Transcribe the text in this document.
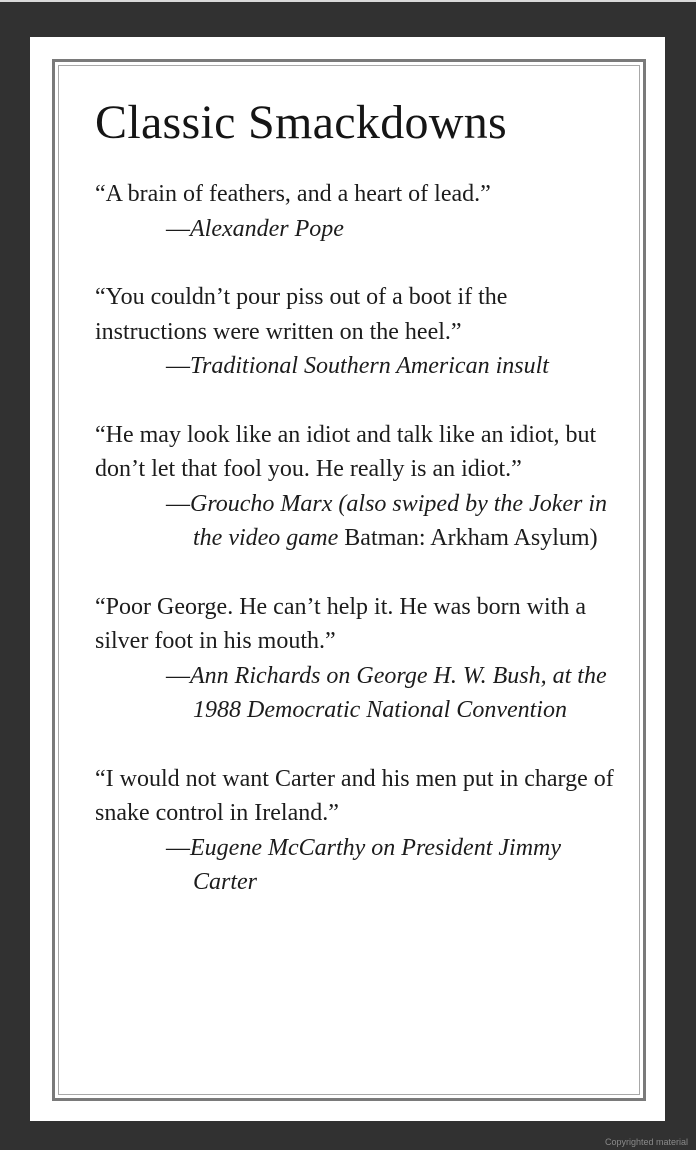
Classic Smackdowns

“A brain of feathers, and a heart of lead.”

—Alexander Pope

“You couldn’t pour piss out of a boot if the instructions were written on the heel.”

—Traditional Southern American insult

“He may look like an idiot and talk like an idiot, but don’t let that fool you. He really is an idiot.”

—Groucho Marx (also swiped by the Joker in the video game Batman: Arkham Asylum)

“Poor George. He can’t help it. He was born with a silver foot in his mouth.”

—Ann Richards on George H. W. Bush, at the 1988 Democratic National Convention

“I would not want Carter and his men put in charge of snake control in Ireland.”

—Eugene McCarthy on President Jimmy Carter

Copyrighted material
